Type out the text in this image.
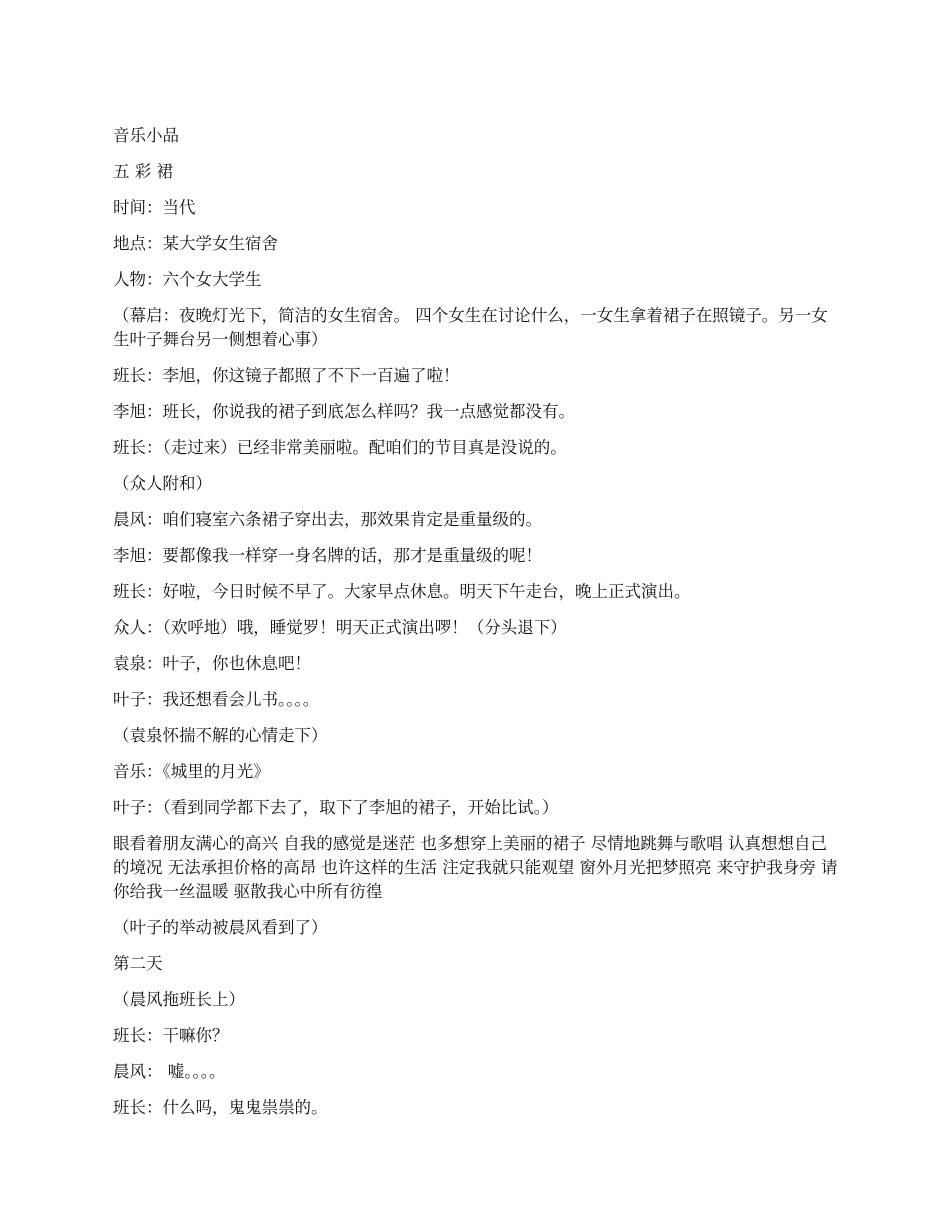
音乐小品

五 彩 裙

时间：当代

地点：某大学女生宿舍

人物：六个女大学生

（幕启：夜晚灯光下，简洁的女生宿舍。 四个女生在讨论什么，一女生拿着裙子在照镜子。另一女生叶子舞台另一侧想着心事）

班长：李旭，你这镜子都照了不下一百遍了啦！

李旭：班长，你说我的裙子到底怎么样吗？我一点感觉都没有。

班长：（走过来）已经非常美丽啦。配咱们的节目真是没说的。

（众人附和）

晨风：咱们寝室六条裙子穿出去，那效果肯定是重量级的。

李旭：要都像我一样穿一身名牌的话，那才是重量级的呢！

班长：好啦，今日时候不早了。大家早点休息。明天下午走台，晚上正式演出。

众人：（欢呼地）哦，睡觉罗！明天正式演出啰！（分头退下）

袁泉：叶子，你也休息吧！

叶子：我还想看会儿书。。。。

（袁泉怀揣不解的心情走下）

音乐：《城里的月光》

叶子：（看到同学都下去了，取下了李旭的裙子，开始比试。）

眼看着朋友满心的高兴 自我的感觉是迷茫 也多想穿上美丽的裙子 尽情地跳舞与歌唱 认真想想自己的境况 无法承担价格的高昂 也许这样的生活 注定我就只能观望 窗外月光把梦照亮 来守护我身旁 请你给我一丝温暖 驱散我心中所有彷徨

（叶子的举动被晨风看到了）

第二天

（晨风拖班长上）

班长：干嘛你？

晨风： 嘘。。。。

班长：什么吗，鬼鬼祟祟的。
